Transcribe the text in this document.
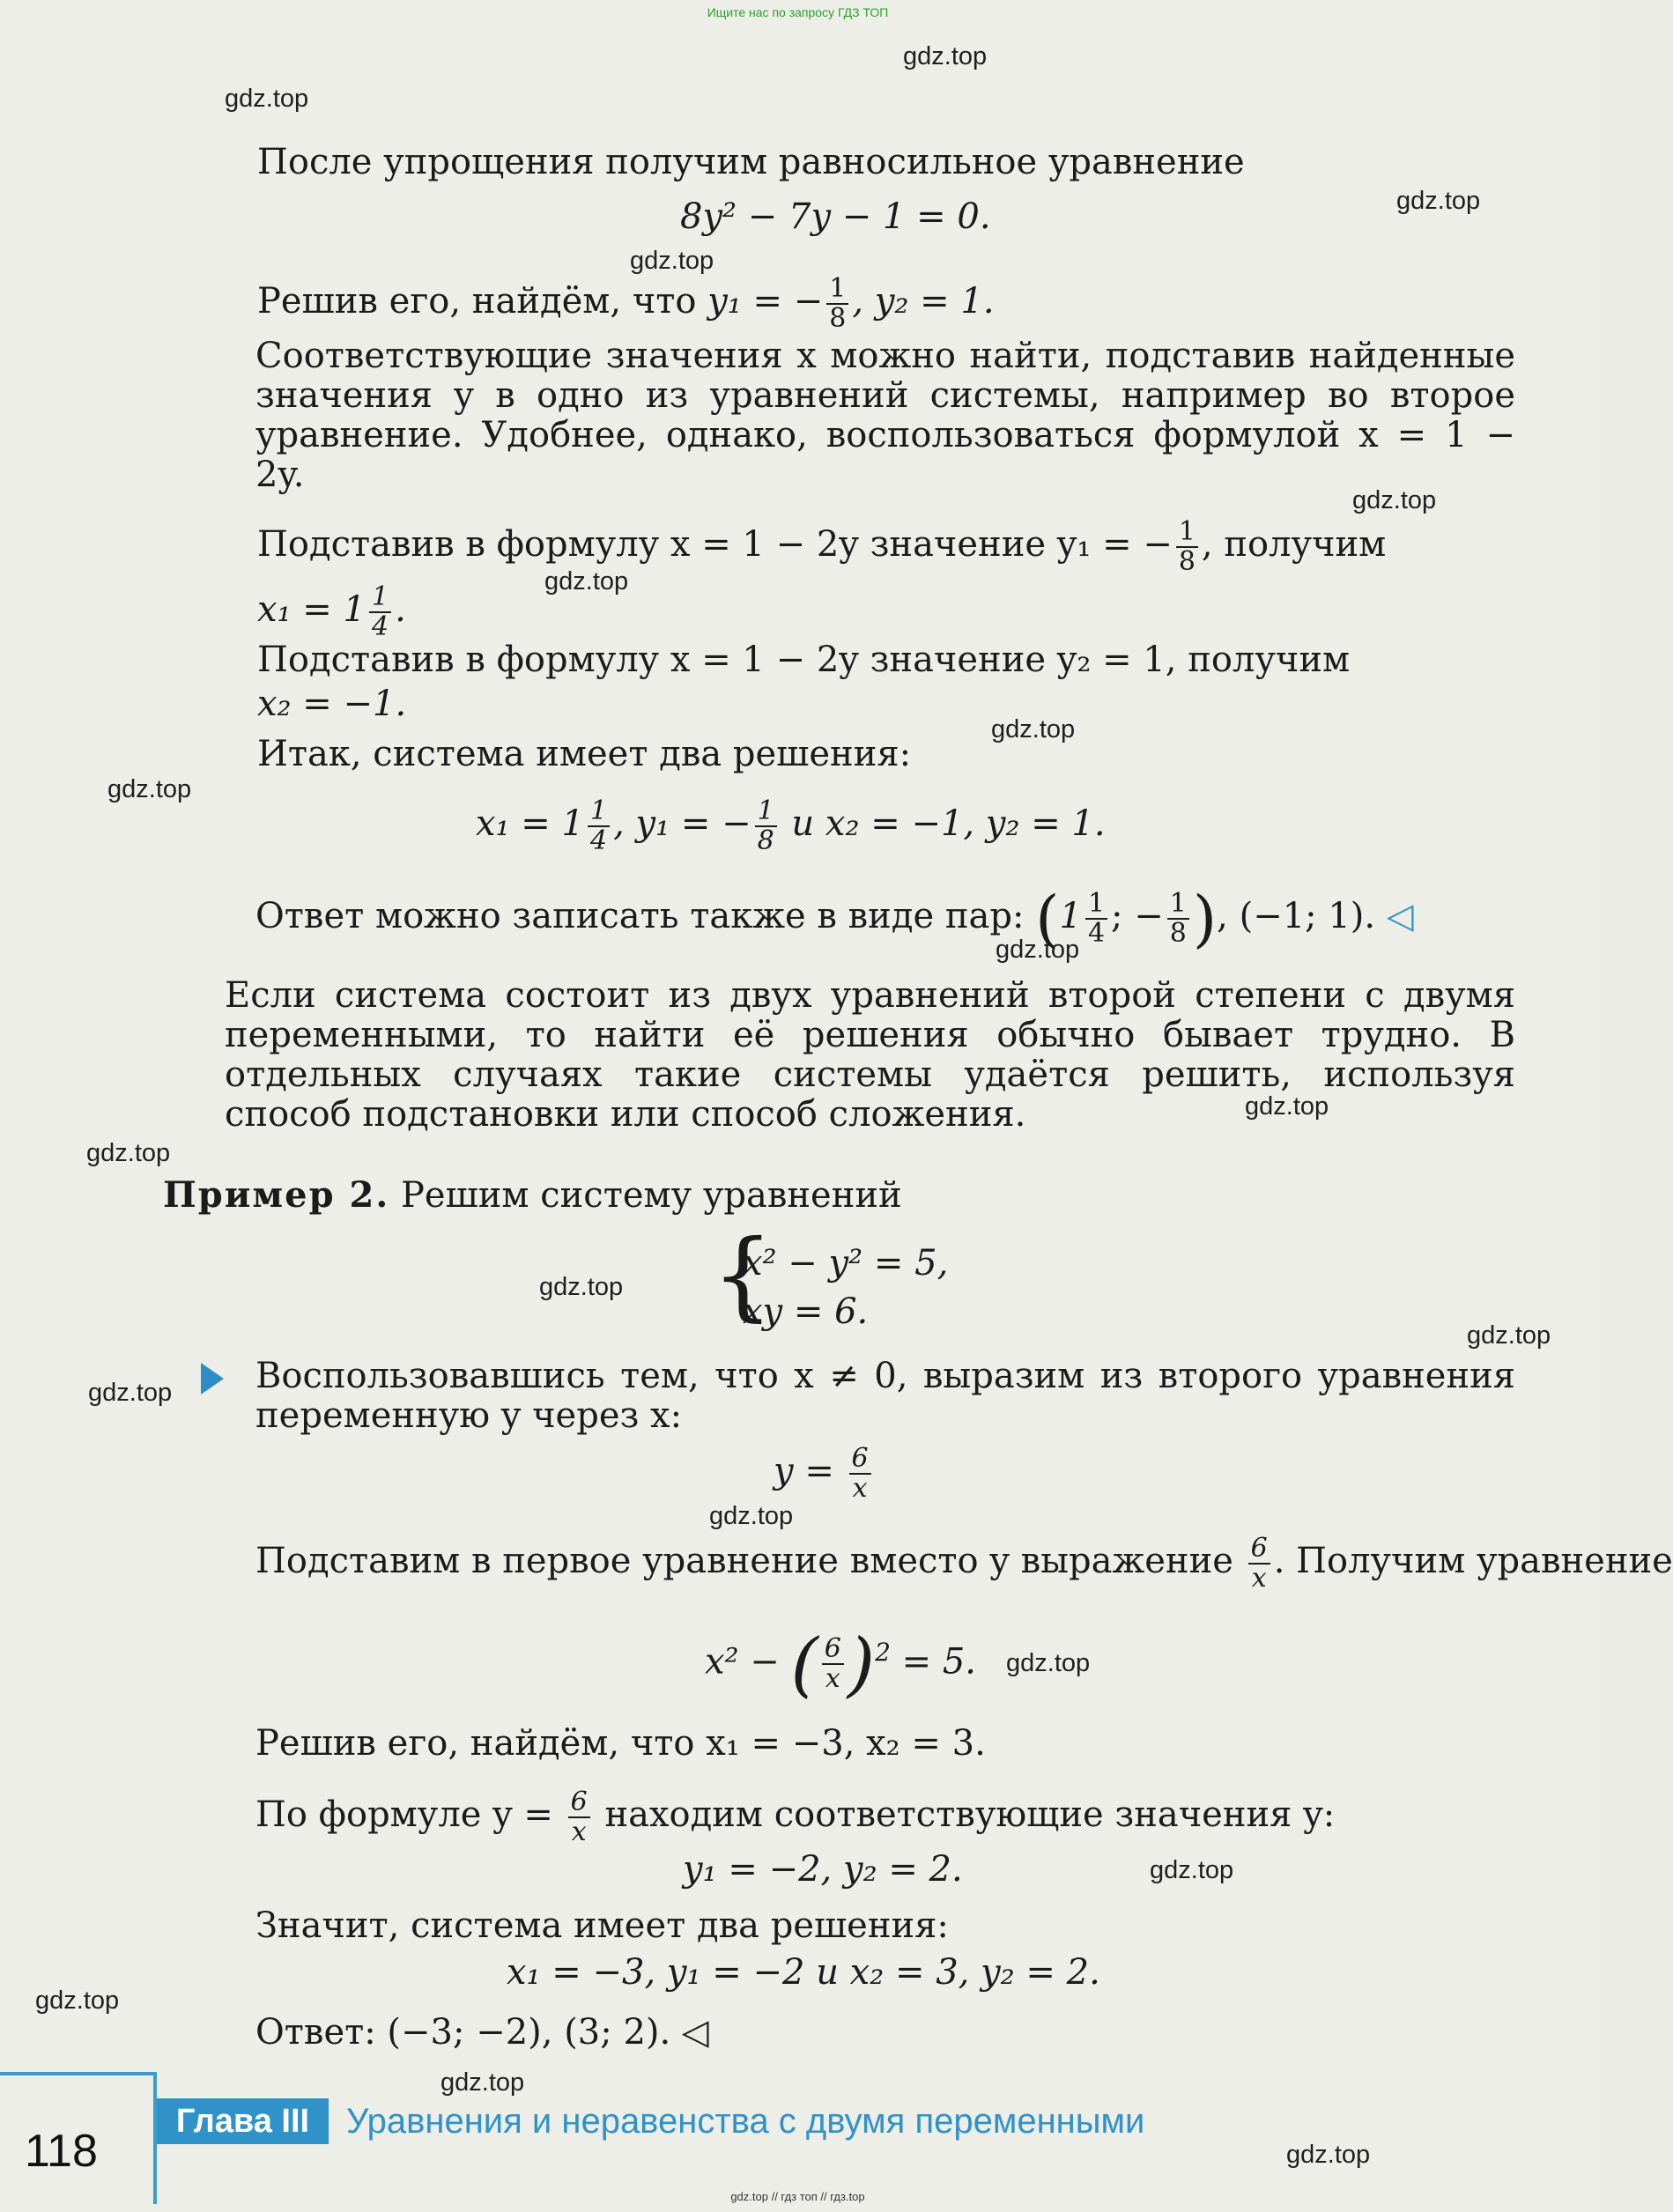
Ищите нас по запросу ГДЗ ТОП
После упрощения получим равносильное уравнение
8y² − 7y − 1 = 0.
Решив его, найдём, что y₁ = − $\frac{1}{8}$ , y₂ = 1.
Соответствующие значения x можно найти, подставив найденные значения y в одно из уравнений системы, например во второе уравнение. Удобнее, однако, воспользоваться формулой x = 1 − 2y.
Подставив в формулу x = 1 − 2y значение y₁ = − $\frac{1}{8}$ , получим
$x_1 = 1 \frac{1}{4}$ .
Подставив в формулу x = 1 − 2y значение y₂ = 1, получим
x₂ = −1.
Итак, система имеет два решения:
$x_1 = 1 \frac{1}{4}$ , y₁ = − $\frac{1}{8}$ и x₂ = −1, y₂ = 1.
Ответ можно записать также в виде пар: ($1 \frac{1}{4}$ ; − $\frac{1}{8}$ ), (−1; 1). ◁
Если система состоит из двух уравнений второй степени с двумя переменными, то найти её решения обычно бывает трудно. В отдельных случаях такие системы удаётся решить, используя способ подстановки или способ сложения.
Пример 2. Решим систему уравнений
{
x² − y² = 5,
xy = 6.
Воспользовавшись тем, что x ≠ 0, выразим из второго уравнения переменную y через x:
$y = \frac{6}{x}$
Подставим в первое уравнение вместо y выражение $\frac{6}{x}$ . Получим уравнение
x² − ( $\frac{6}{x} )^2 = 5$.
Решив его, найдём, что x₁ = −3, x₂ = 3.
По формуле $y = \frac{6}{x}$ находим соответствующие значения y:
y₁ = −2, y₂ = 2.
Значит, система имеет два решения:
x₁ = −3, y₁ = −2 и x₂ = 3, y₂ = 2.
Ответ: (−3; −2), (3; 2). ◁
Глава III	Уравнения и неравенства с двумя переменными
118
gdz.top
gdz.top
gdz.top
gdz.top
gdz.top
gdz.top
gdz.top
gdz.top
gdz.top
gdz.top
gdz.top
gdz.top
gdz.top
gdz.top
gdz.top
gdz.top
gdz.top
gdz.top
gdz.top
gdz.top
gdz.top // гдз топ // гдз.top
